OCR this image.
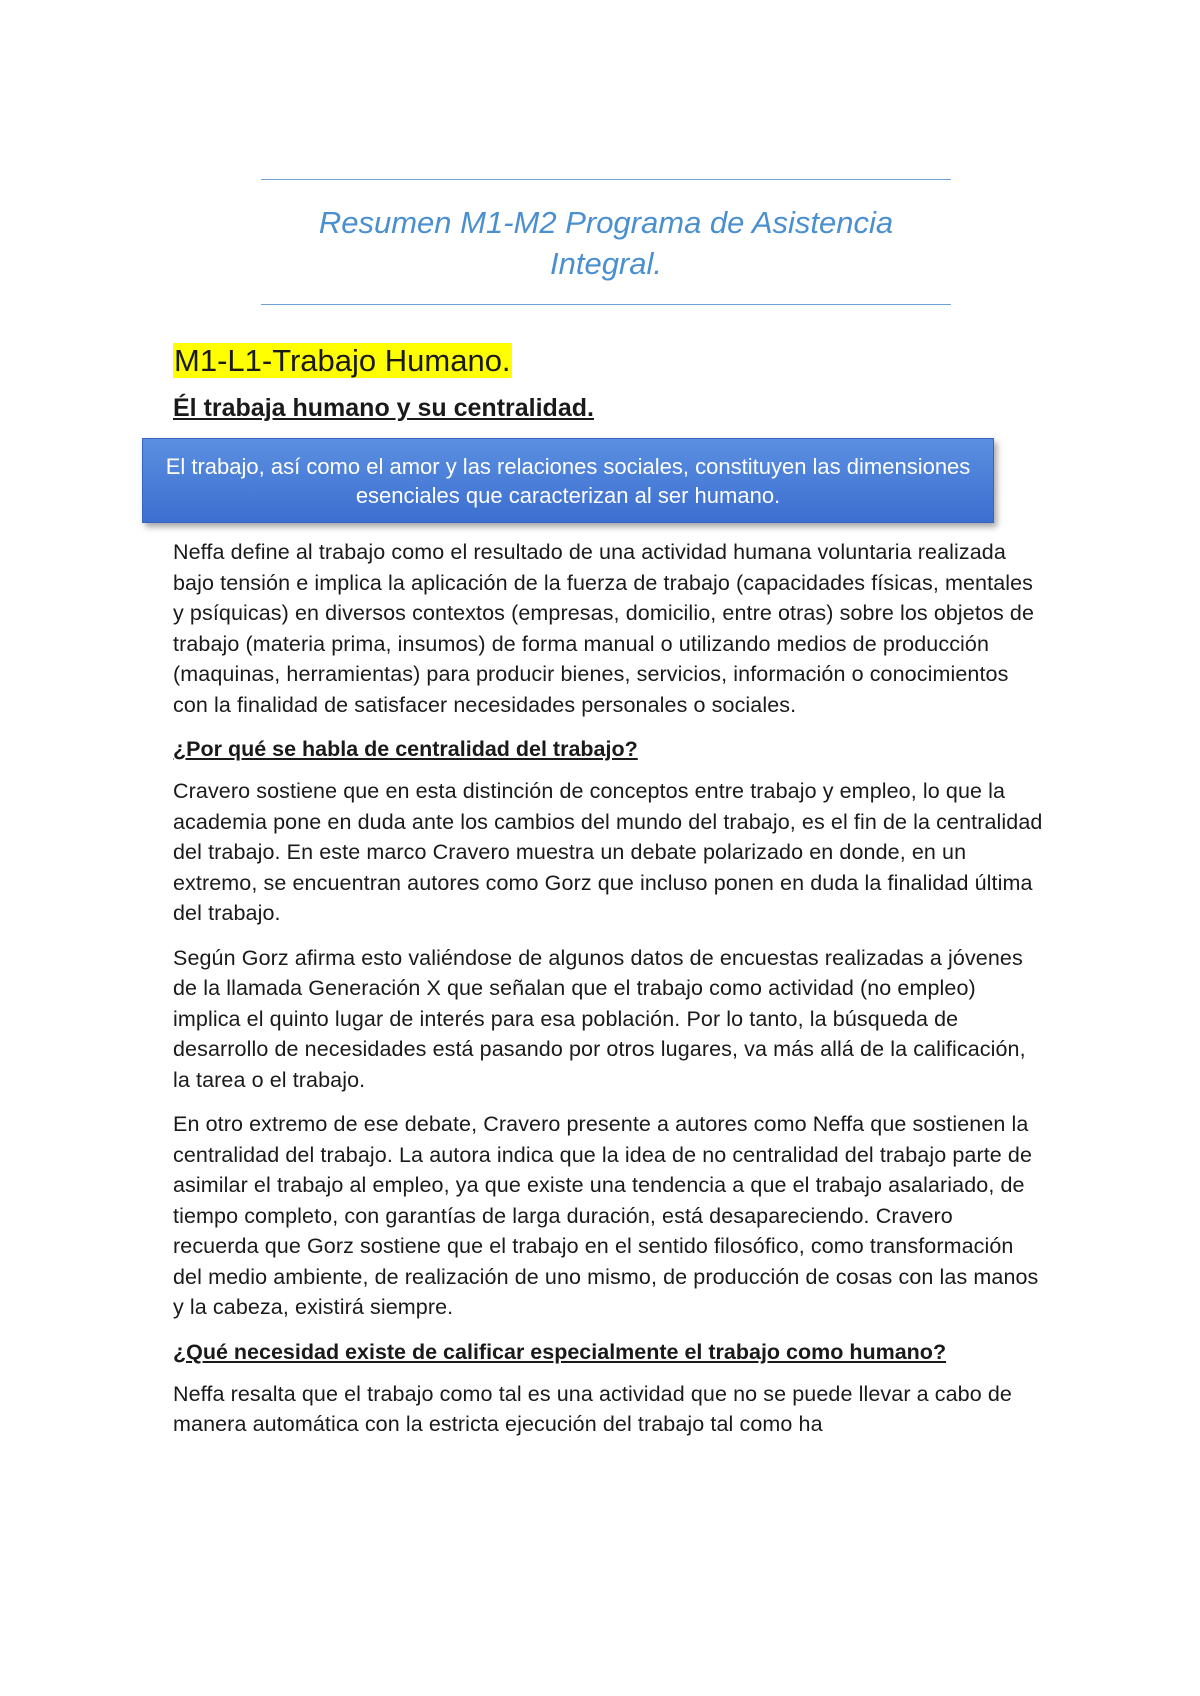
Resumen M1-M2 Programa de Asistencia Integral.

M1-L1-Trabajo Humano.

Él trabaja humano y su centralidad.

El trabajo, así como el amor y las relaciones sociales, constituyen las dimensiones esenciales que caracterizan al ser humano.

Neffa define al trabajo como el resultado de una actividad humana voluntaria realizada bajo tensión e implica la aplicación de la fuerza de trabajo (capacidades físicas, mentales y psíquicas) en diversos contextos (empresas, domicilio, entre otras) sobre los objetos de trabajo (materia prima, insumos) de forma manual o utilizando medios de producción (maquinas, herramientas) para producir bienes, servicios, información o conocimientos con la finalidad de satisfacer necesidades personales o sociales.

¿Por qué se habla de centralidad del trabajo?

Cravero sostiene que en esta distinción de conceptos entre trabajo y empleo, lo que la academia pone en duda ante los cambios del mundo del trabajo, es el fin de la centralidad del trabajo. En este marco Cravero muestra un debate polarizado en donde, en un extremo, se encuentran autores como Gorz que incluso ponen en duda la finalidad última del trabajo.

Según Gorz afirma esto valiéndose de algunos datos de encuestas realizadas a jóvenes de la llamada Generación X que señalan que el trabajo como actividad (no empleo) implica el quinto lugar de interés para esa población. Por lo tanto, la búsqueda de desarrollo de necesidades está pasando por otros lugares, va más allá de la calificación, la tarea o el trabajo.

En otro extremo de ese debate, Cravero presente a autores como Neffa que sostienen la centralidad del trabajo. La autora indica que la idea de no centralidad del trabajo parte de asimilar el trabajo al empleo, ya que existe una tendencia a que el trabajo asalariado, de tiempo completo, con garantías de larga duración, está desapareciendo. Cravero recuerda que Gorz sostiene que el trabajo en el sentido filosófico, como transformación del medio ambiente, de realización de uno mismo, de producción de cosas con las manos y la cabeza, existirá siempre.

¿Qué necesidad existe de calificar especialmente el trabajo como humano?

Neffa resalta que el trabajo como tal es una actividad que no se puede llevar a cabo de manera automática con la estricta ejecución del trabajo tal como ha
